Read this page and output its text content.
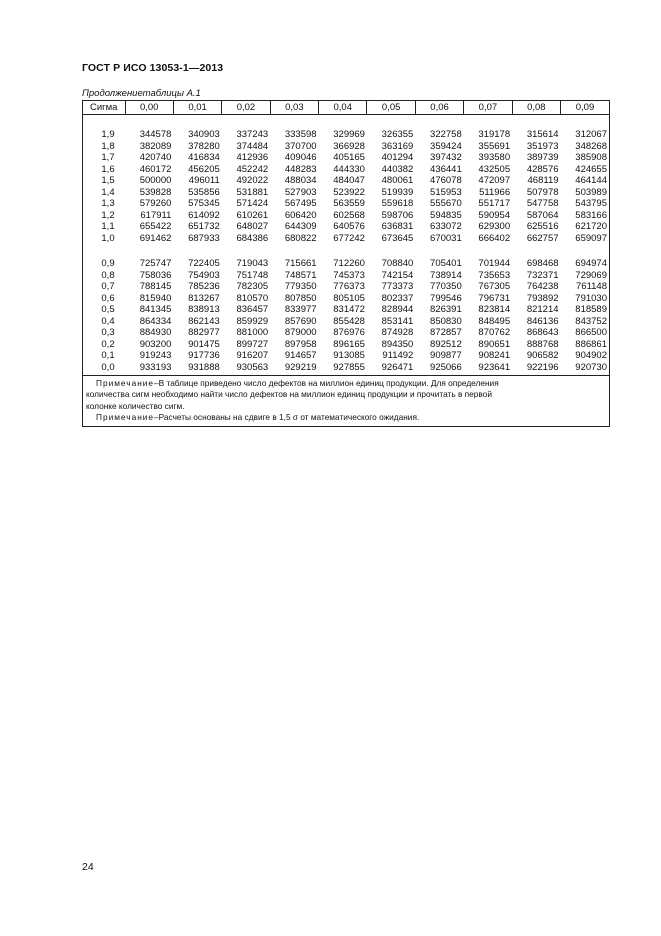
ГОСТ Р ИСО 13053-1—2013
Продолжениетаблицы А.1
Сигма	0,00	0,01	0,02	0,03	0,04	0,05	0,06	0,07	0,08	0,09

1,9	344578	340903	337243	333598	329969	326355	322758	319178	315614	312067
1,8	382089	378280	374484	370700	366928	363169	359424	355691	351973	348268
1,7	420740	416834	412936	409046	405165	401294	397432	393580	389739	385908
1,6	460172	456205	452242	448283	444330	440382	436441	432505	428576	424655
1,5	500000	496011	492022	488034	484047	480061	476078	472097	468119	464144
1,4	539828	535856	531881	527903	523922	519939	515953	511966	507978	503989
1,3	579260	575345	571424	567495	563559	559618	555670	551717	547758	543795
1,2	617911	614092	610261	606420	602568	598706	594835	590954	587064	583166
1,1	655422	651732	648027	644309	640576	636831	633072	629300	625516	621720
1,0	691462	687933	684386	680822	677242	673645	670031	666402	662757	659097

0,9	725747	722405	719043	715661	712260	708840	705401	701944	698468	694974
0,8	758036	754903	751748	748571	745373	742154	738914	735653	732371	729069
0,7	788145	785236	782305	779350	776373	773373	770350	767305	764238	761148
0,6	815940	813267	810570	807850	805105	802337	799546	796731	793892	791030
0,5	841345	838913	836457	833977	831472	828944	826391	823814	821214	818589
0,4	864334	862143	859929	857690	855428	853141	850830	848495	846136	843752
0,3	884930	882977	881000	879000	876976	874928	872857	870762	868643	866500
0,2	903200	901475	899727	897958	896165	894350	892512	890651	888768	886861
0,1	919243	917736	916207	914657	913085	911492	909877	908241	906582	904902
0,0	933193	931888	930563	929219	927855	926471	925066	923641	922196	920730
Примечание–В таблице приведено число дефектов на миллион единиц продукции. Для определения
количества сигм необходимо найти число дефектов на миллион единиц продукции и прочитать в первой
колонке количество сигм.
Примечание–Расчеты основаны на сдвиге в 1,5 σ от математического ожидания.
24
